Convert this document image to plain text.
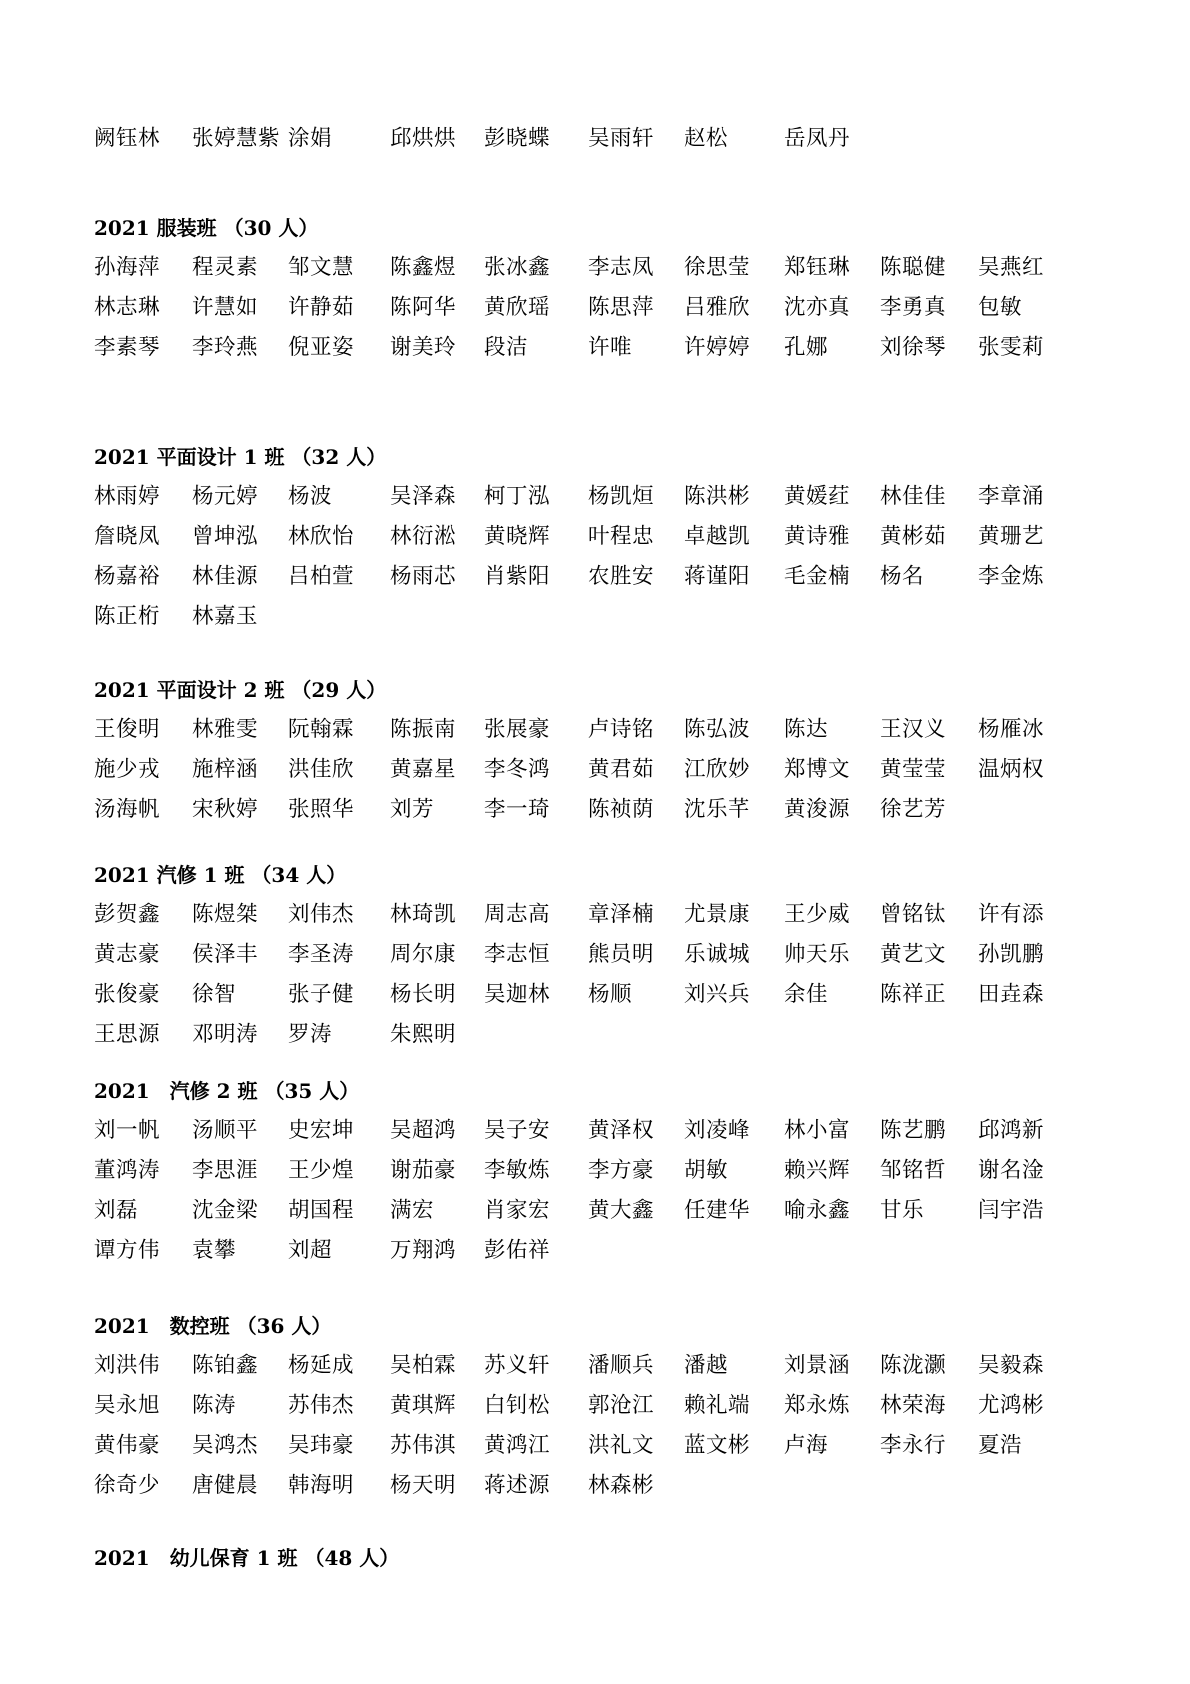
阙钰林 张婷慧紫 涂娟	邱烘烘 彭晓蝶 吴雨轩 赵松	岳凤丹
2021 服装班 （30 人）
孙海萍 程灵素 邹文慧 陈鑫煜 张冰鑫 李志凤 徐思莹 郑钰琳 陈聪健 吴燕红
林志琳 许慧如 许静茹 陈阿华 黄欣瑶 陈思萍 吕雅欣 沈亦真 李勇真 包敏
李素琴 李玲燕 倪亚姿 谢美玲 段洁	许唯 许婷婷 孔娜 刘徐琴 张雯莉
2021 平面设计 1 班 （32 人）
林雨婷 杨元婷 杨波	吴泽森 柯丁泓 杨凯烜 陈洪彬 黄媛荭 林佳佳 李章涌
詹晓凤 曾坤泓 林欣怡 林衍淞 黄晓辉 叶程忠 卓越凯 黄诗雅 黄彬茹 黄珊艺
杨嘉裕 林佳源 吕柏萱 杨雨芯 肖紫阳 农胜安 蒋谨阳 毛金楠 杨名	李金炼
陈正桁 林嘉玉
2021 平面设计 2 班 （29 人）
王俊明 林雅雯 阮翰霖 陈振南 张展豪 卢诗铭 陈弘波 陈达 王汉义 杨雁冰
施少戎 施梓涵 洪佳欣 黄嘉星 李冬鸿 黄君茹 江欣妙 郑博文 黄莹莹 温炳权
汤海帆 宋秋婷 张照华 刘芳 李一琦 陈祯荫 沈乐芊 黄浚源 徐艺芳
2021 汽修 1 班 （34 人）
彭贺鑫 陈煜桀 刘伟杰 林琦凯 周志高 章泽楠 尤景康 王少威 曾铭钛 许有添
黄志豪 侯泽丰 李圣涛 周尔康 李志恒 熊员明 乐诚城 帅天乐 黄艺文 孙凯鹏
张俊豪 徐智 张子健 杨长明 吴迦林 杨顺 刘兴兵 余佳 陈祥正 田垚森
王思源 邓明涛 罗涛	朱熙明
2021　汽修 2 班 （35 人）
刘一帆 汤顺平 史宏坤 吴超鸿 吴子安 黄泽权 刘凌峰 林小富 陈艺鹏 邱鸿新
董鸿涛 李思涯 王少煌 谢茄豪 李敏炼 李方豪 胡敏	赖兴辉 邹铭哲 谢名淦
刘磊	沈金梁 胡国程 满宏 肖家宏 黄大鑫 任建华 喻永鑫 甘乐	闫宇浩
谭方伟 袁攀 刘超	万翔鸿 彭佑祥
2021　数控班 （36 人）
刘洪伟 陈铂鑫 杨延成 吴柏霖 苏义轩 潘顺兵 潘越	刘景涵 陈泷灏 吴毅森
吴永旭 陈涛 苏伟杰 黄琪辉 白钊松 郭沧江 赖礼端 郑永炼 林荣海 尤鸿彬
黄伟豪 吴鸿杰 吴玮豪 苏伟淇 黄鸿江 洪礼文 蓝文彬 卢海 李永行 夏浩
徐奇少 唐健晨 韩海明 杨天明 蒋述源 林森彬
2021　幼儿保育 1 班 （48 人）
